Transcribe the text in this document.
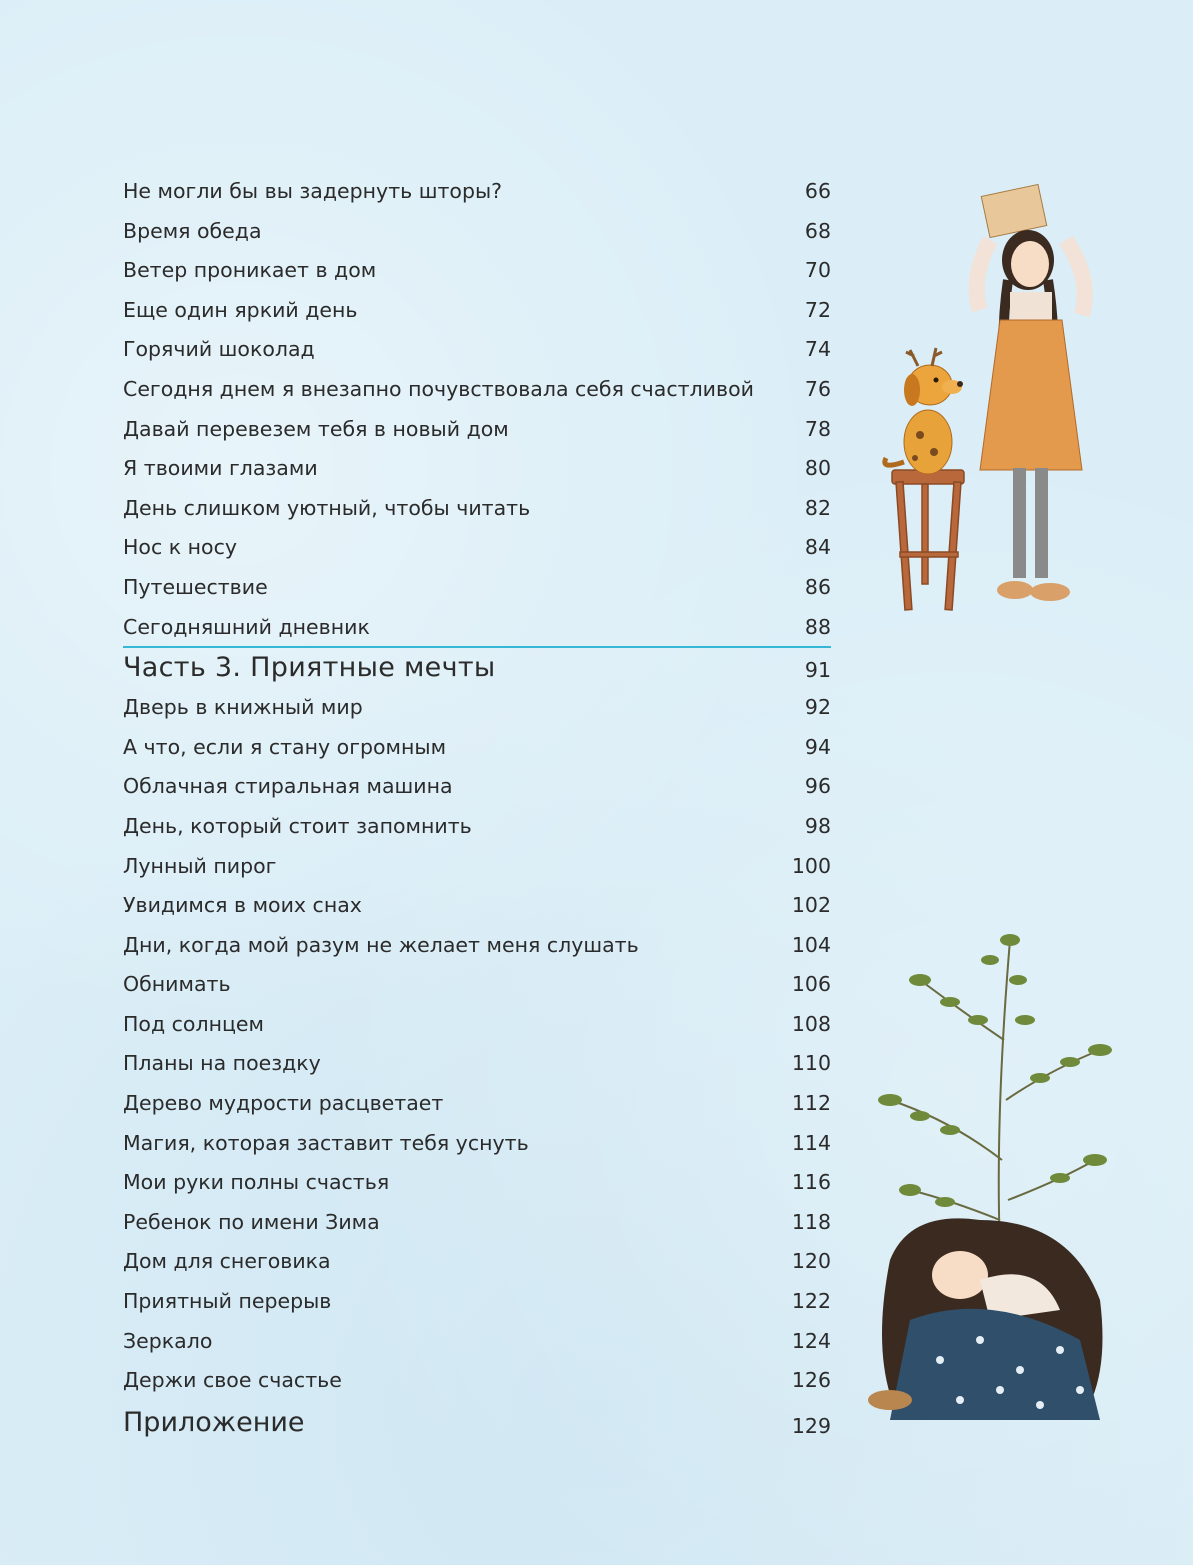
Не могли бы вы задернуть шторы?	66
Время обеда	68
Ветер проникает в дом	70
Еще один яркий день	72
Горячий шоколад	74
Сегодня днем я внезапно почувствовала себя счастливой 76
Давай перевезем тебя в новый дом	78
Я твоими глазами	80
День слишком уютный, чтобы читать	82
Нос к носу	84
Путешествие	86
Сегодняшний дневник	88
Часть 3. Приятные мечты	91
Дверь в книжный мир	92
А что, если я стану огромным	94
Облачная стиральная машина	96
День, который стоит запомнить	98
Лунный пирог	100
Увидимся в моих снах	102
Дни, когда мой разум не желает меня слушать	104
Обнимать	106
Под солнцем	108
Планы на поездку	110
Дерево мудрости расцветает	112
Магия, которая заставит тебя уснуть	114
Мои руки полны счастья	116
Ребенок по имени Зима	118
Дом для снеговика	120
Приятный перерыв	122
Зеркало	124
Держи свое счастье	126
Приложение	129
